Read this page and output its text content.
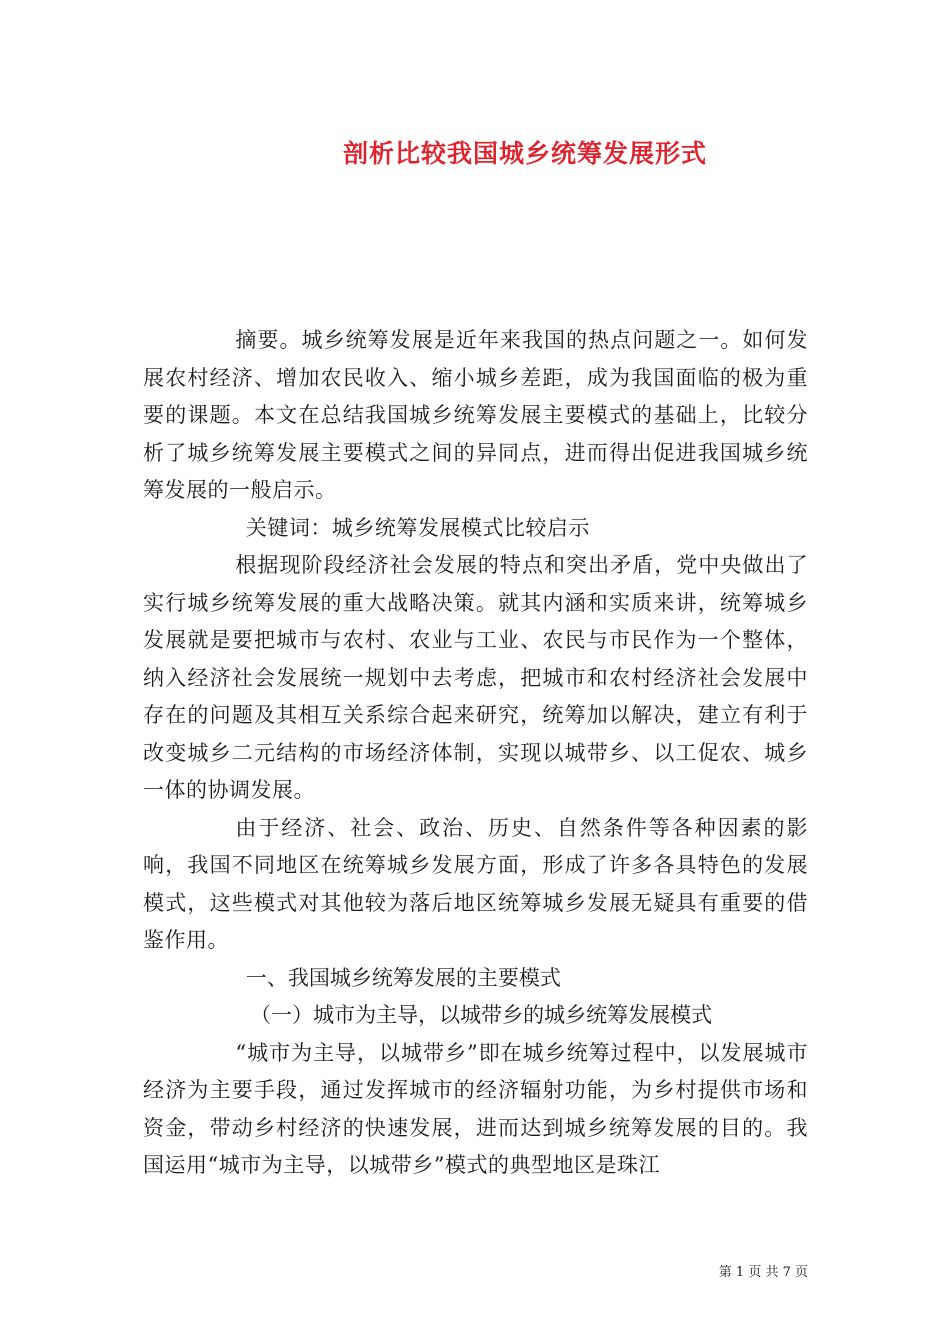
剖析比较我国城乡统筹发展形式

摘要。城乡统筹发展是近年来我国的热点问题之一。如何发展农村经济、增加农民收入、缩小城乡差距，成为我国面临的极为重要的课题。本文在总结我国城乡统筹发展主要模式的基础上，比较分析了城乡统筹发展主要模式之间的异同点，进而得出促进我国城乡统筹发展的一般启示。

关键词：城乡统筹发展模式比较启示

根据现阶段经济社会发展的特点和突出矛盾，党中央做出了实行城乡统筹发展的重大战略决策。就其内涵和实质来讲，统筹城乡发展就是要把城市与农村、农业与工业、农民与市民作为一个整体，纳入经济社会发展统一规划中去考虑，把城市和农村经济社会发展中存在的问题及其相互关系综合起来研究，统筹加以解决，建立有利于改变城乡二元结构的市场经济体制，实现以城带乡、以工促农、城乡一体的协调发展。

由于经济、社会、政治、历史、自然条件等各种因素的影响，我国不同地区在统筹城乡发展方面，形成了许多各具特色的发展模式，这些模式对其他较为落后地区统筹城乡发展无疑具有重要的借鉴作用。

一、我国城乡统筹发展的主要模式

（一）城市为主导，以城带乡的城乡统筹发展模式

“城市为主导，以城带乡”即在城乡统筹过程中，以发展城市经济为主要手段，通过发挥城市的经济辐射功能，为乡村提供市场和资金，带动乡村经济的快速发展，进而达到城乡统筹发展的目的。我国运用“城市为主导，以城带乡”模式的典型地区是珠江

第 1 页 共 7 页
